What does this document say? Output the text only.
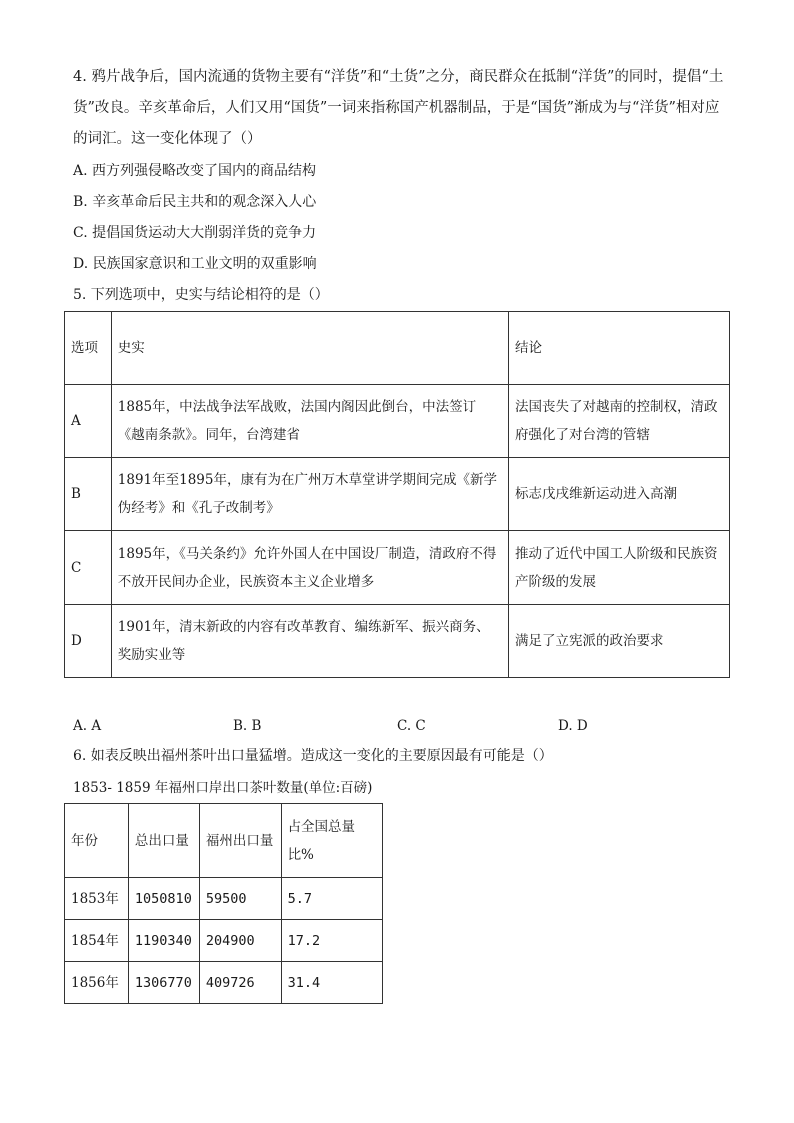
4. 鸦片战争后，国内流通的货物主要有“洋货”和“土货”之分，商民群众在抵制“洋货”的同时，提倡“土货”改良。辛亥革命后，人们又用“国货”一词来指称国产机器制品，于是“国货”渐成为与“洋货”相对应的词汇。这一变化体现了（）
A. 西方列强侵略改变了国内的商品结构
B. 辛亥革命后民主共和的观念深入人心
C. 提倡国货运动大大削弱洋货的竞争力
D. 民族国家意识和工业文明的双重影响
5. 下列选项中，史实与结论相符的是（）
选项	史实	结论
A	1885年，中法战争法军战败，法国内阁因此倒台，中法签订《越南条款》。同年，台湾建省	法国丧失了对越南的控制权，清政府强化了对台湾的管辖
B	1891年至1895年，康有为在广州万木草堂讲学期间完成《新学伪经考》和《孔子改制考》	标志戊戌维新运动进入高潮
C	1895年，《马关条约》允许外国人在中国设厂制造，清政府不得不放开民间办企业，民族资本主义企业增多	推动了近代中国工人阶级和民族资产阶级的发展
D	1901年，清末新政的内容有改革教育、编练新军、振兴商务、奖励实业等	满足了立宪派的政治要求
A. A	B. B	C. C	D. D
6. 如表反映出福州茶叶出口量猛增。造成这一变化的主要原因最有可能是（）
1853- 1859 年福州口岸出口茶叶数量(单位:百磅)
年份	总出口量	福州出口量	占全国总量比%
1853年	1050810	59500	5.7
1854年	1190340	204900	17.2
1856年	1306770	409726	31.4
